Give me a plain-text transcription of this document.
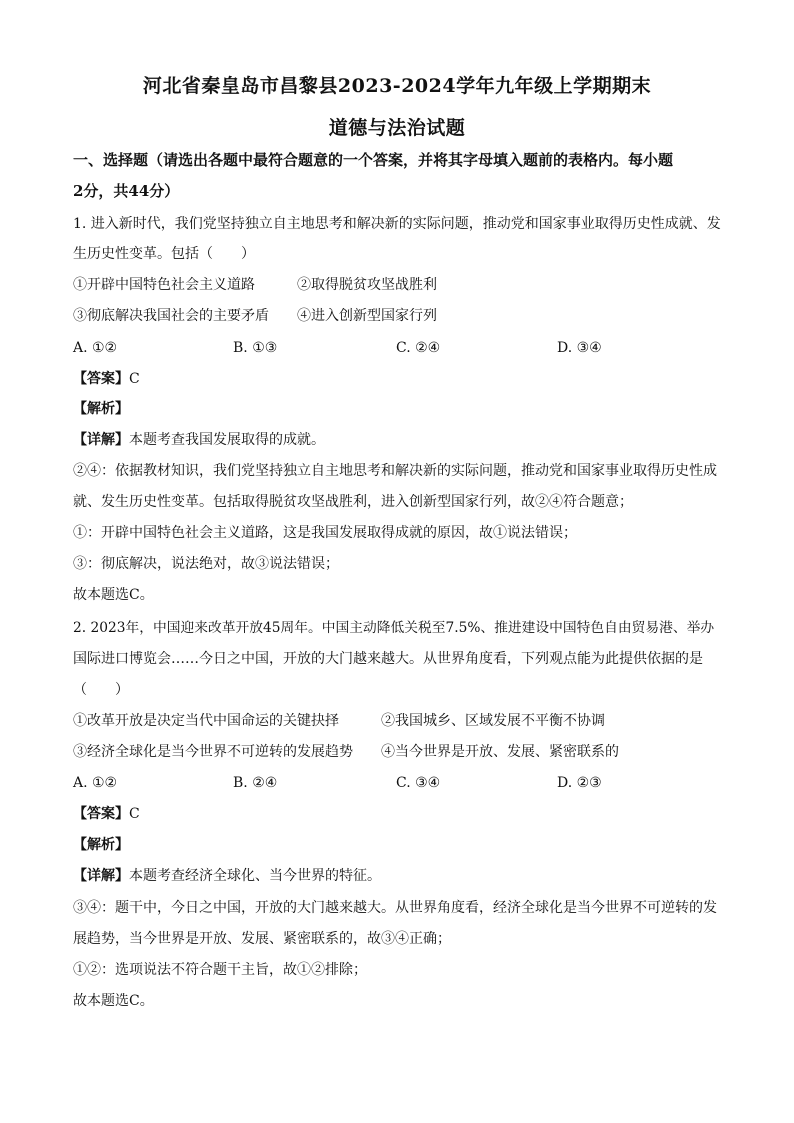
河北省秦皇岛市昌黎县2023-2024学年九年级上学期期末
道德与法治试题
一、选择题（请选出各题中最符合题意的一个答案，并将其字母填入题前的表格内。每小题
2分，共44分）
1. 进入新时代，我们党坚持独立自主地思考和解决新的实际问题，推动党和国家事业取得历史性成就、发
生历史性变革。包括（　　）
①开辟中国特色社会主义道路　　　②取得脱贫攻坚战胜利
③彻底解决我国社会的主要矛盾　　④进入创新型国家行列
A. ①②	B. ①③	C. ②④	D. ③④
【答案】C
【解析】
【详解】本题考查我国发展取得的成就。
②④：依据教材知识，我们党坚持独立自主地思考和解决新的实际问题，推动党和国家事业取得历史性成
就、发生历史性变革。包括取得脱贫攻坚战胜利，进入创新型国家行列，故②④符合题意；
①：开辟中国特色社会主义道路，这是我国发展取得成就的原因，故①说法错误；
③：彻底解决，说法绝对，故③说法错误；
故本题选C。
2. 2023年，中国迎来改革开放45周年。中国主动降低关税至7.5%、推进建设中国特色自由贸易港、举办
国际进口博览会……今日之中国，开放的大门越来越大。从世界角度看，下列观点能为此提供依据的是
（　　）
①改革开放是决定当代中国命运的关键抉择　　　②我国城乡、区域发展不平衡不协调
③经济全球化是当今世界不可逆转的发展趋势　　④当今世界是开放、发展、紧密联系的
A. ①②	B. ②④	C. ③④	D. ②③
【答案】C
【解析】
【详解】本题考查经济全球化、当今世界的特征。
③④：题干中，今日之中国，开放的大门越来越大。从世界角度看，经济全球化是当今世界不可逆转的发
展趋势，当今世界是开放、发展、紧密联系的，故③④正确；
①②：选项说法不符合题干主旨，故①②排除；
故本题选C。
